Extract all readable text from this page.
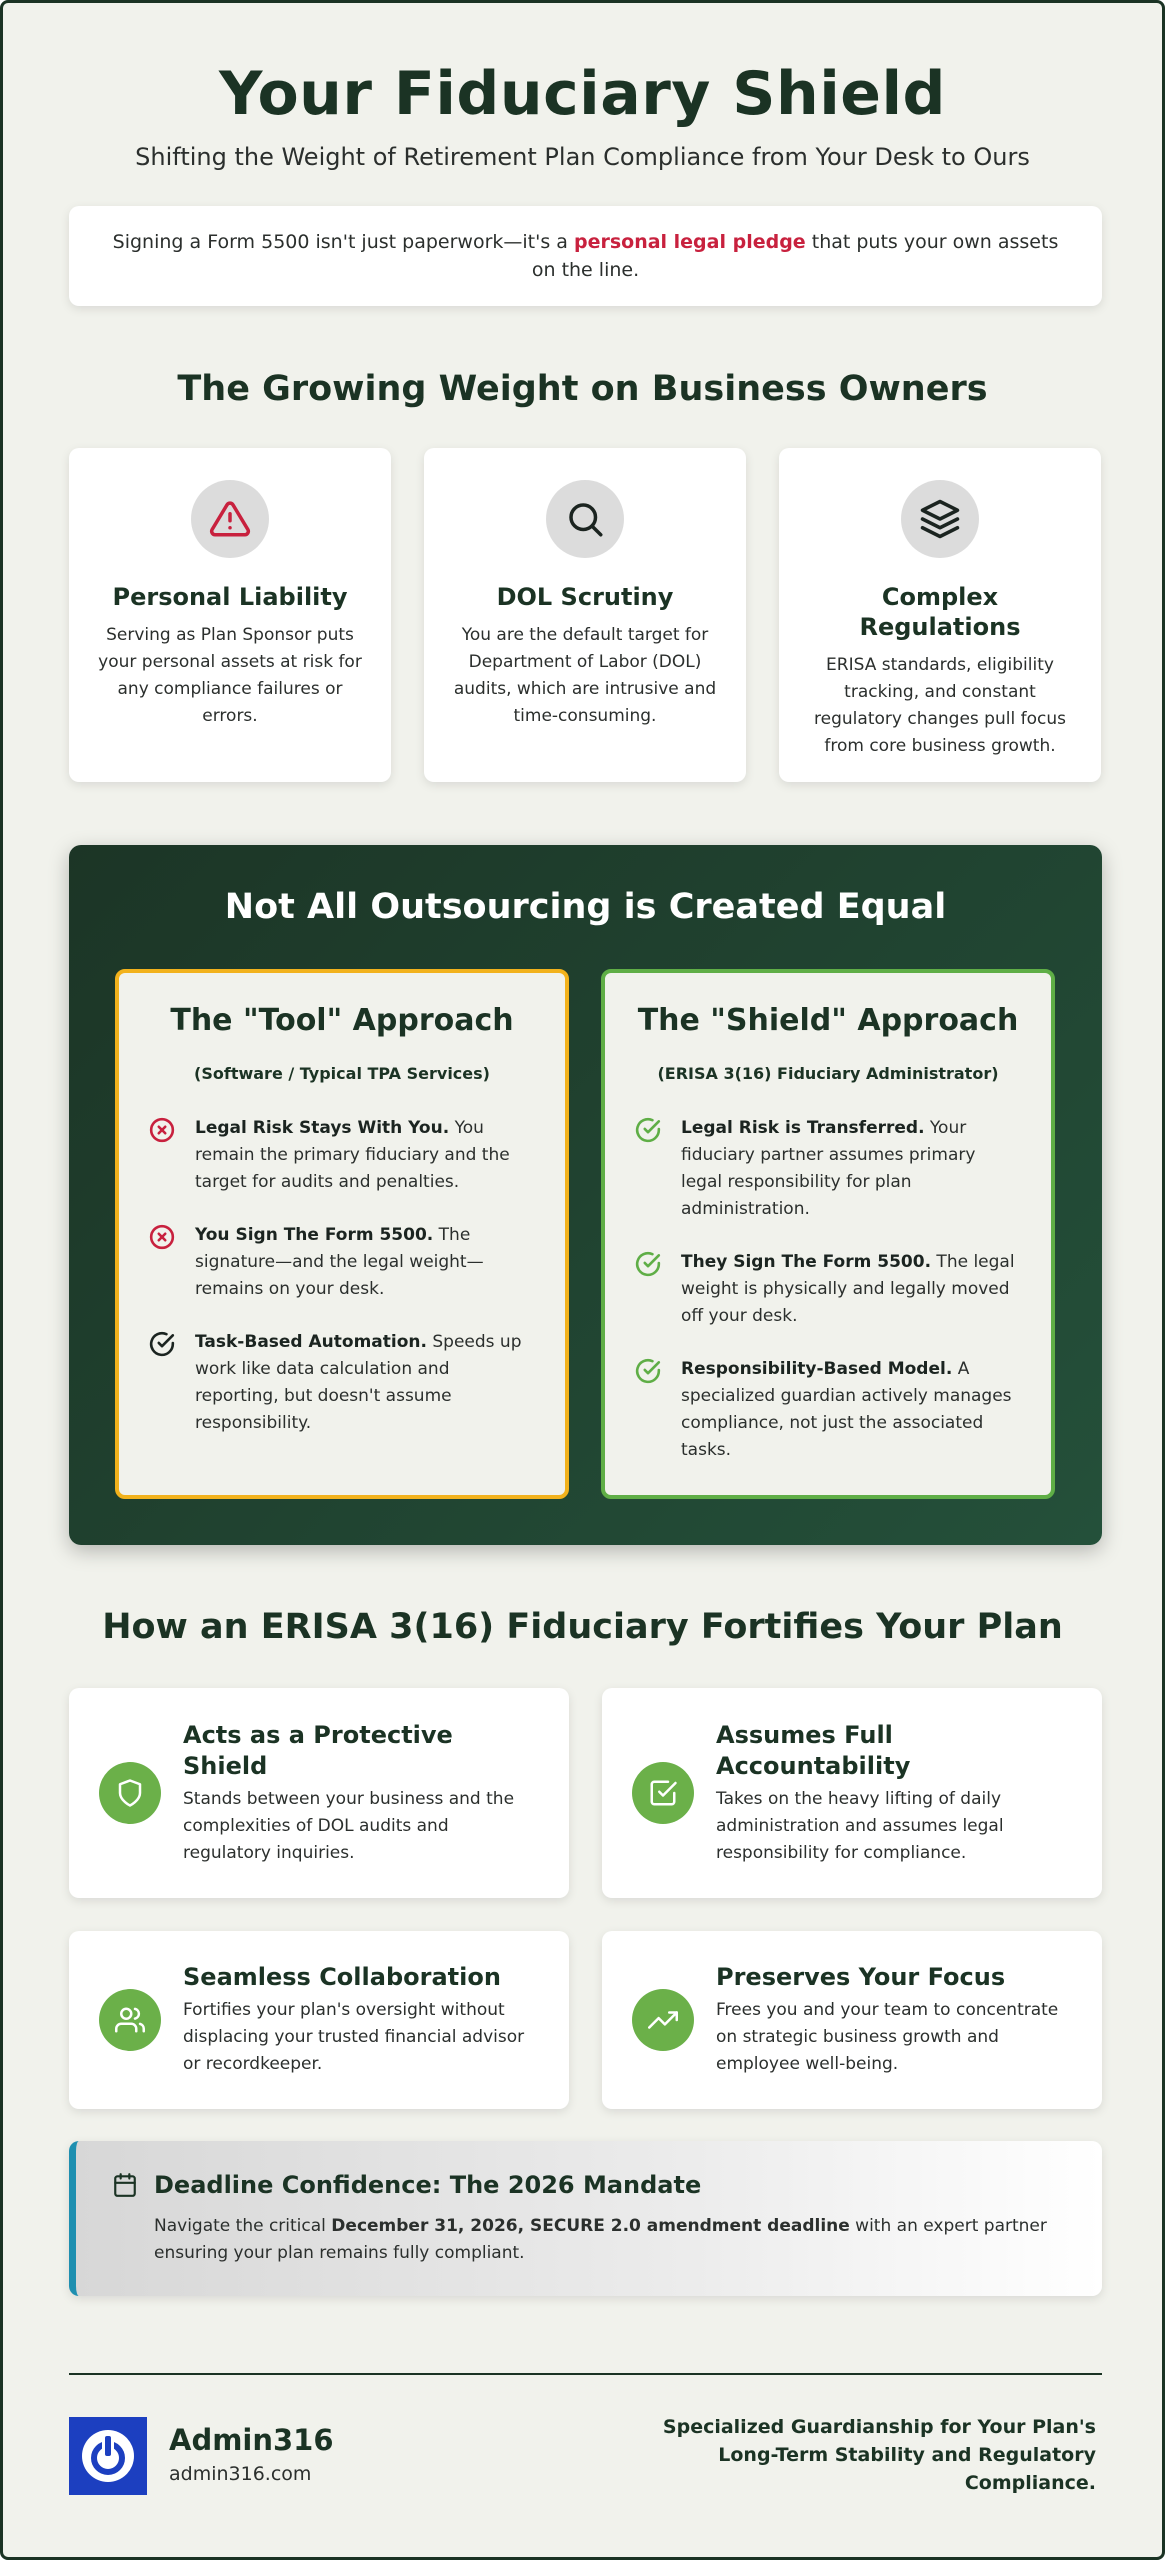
Your Fiduciary Shield
Shifting the Weight of Retirement Plan Compliance from Your Desk to Ours
Signing a Form 5500 isn't just paperwork—it's a personal legal pledge that puts your own assets on the line.
The Growing Weight on Business Owners
Personal Liability

Serving as Plan Sponsor puts your personal assets at risk for any compliance failures or errors.

DOL Scrutiny

You are the default target for Department of Labor (DOL) audits, which are intrusive and time-consuming.

Complex Regulations

ERISA standards, eligibility tracking, and constant regulatory changes pull focus from core business growth.

Not All Outsourcing is Created Equal
The "Tool" Approach
(Software / Typical TPA Services)
Legal Risk Stays With You. You remain the primary fiduciary and the target for audits and penalties.
You Sign The Form 5500. The signature—and the legal weight—remains on your desk.
Task-Based Automation. Speeds up work like data calculation and reporting, but doesn't assume responsibility.
The "Shield" Approach
(ERISA 3(16) Fiduciary Administrator)
Legal Risk is Transferred. Your fiduciary partner assumes primary legal responsibility for plan administration.
They Sign The Form 5500. The legal weight is physically and legally moved off your desk.
Responsibility-Based Model. A specialized guardian actively manages compliance, not just the associated tasks.
How an ERISA 3(16) Fiduciary Fortifies Your Plan
Acts as a Protective Shield

Stands between your business and the complexities of DOL audits and regulatory inquiries.

Assumes Full Accountability

Takes on the heavy lifting of daily administration and assumes legal responsibility for compliance.

Seamless Collaboration

Fortifies your plan's oversight without displacing your trusted financial advisor or recordkeeper.

Preserves Your Focus

Frees you and your team to concentrate on strategic business growth and employee well-being.

Deadline Confidence: The 2026 Mandate

Navigate the critical December 31, 2026, SECURE 2.0 amendment deadline with an expert partner ensuring your plan remains fully compliant.

Admin316
admin316.com
Specialized Guardianship for Your Plan's Long-Term Stability and Regulatory Compliance.
